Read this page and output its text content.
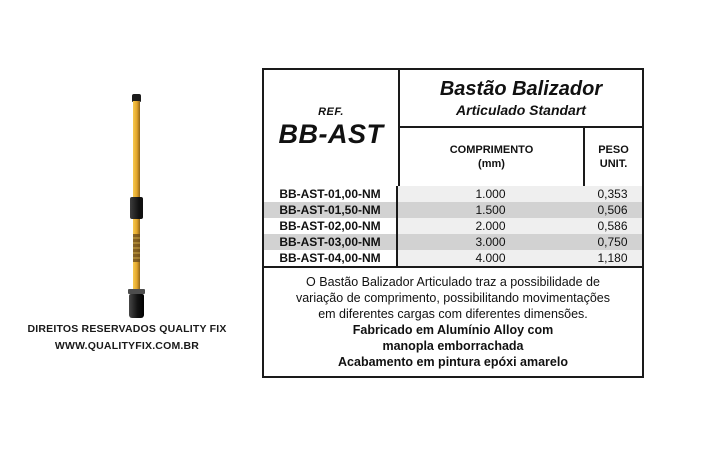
DIREITOS RESERVADOS QUALITY FIX
WWW.QUALITYFIX.COM.BR
REF.
BB-AST
Bastão Balizador
Articulado Standart
COMPRIMENTO
(mm)
PESO
UNIT.
BB-AST-01,00-NM	1.000	0,353
BB-AST-01,50-NM	1.500	0,506
BB-AST-02,00-NM	2.000	0,586
BB-AST-03,00-NM	3.000	0,750
BB-AST-04,00-NM	4.000	1,180
O Bastão Balizador Articulado traz a possibilidade de
variação de comprimento, possibilitando movimentações
em diferentes cargas com diferentes dimensões.
Fabricado em Alumínio Alloy com
manopla emborrachada
Acabamento em pintura epóxi amarelo
